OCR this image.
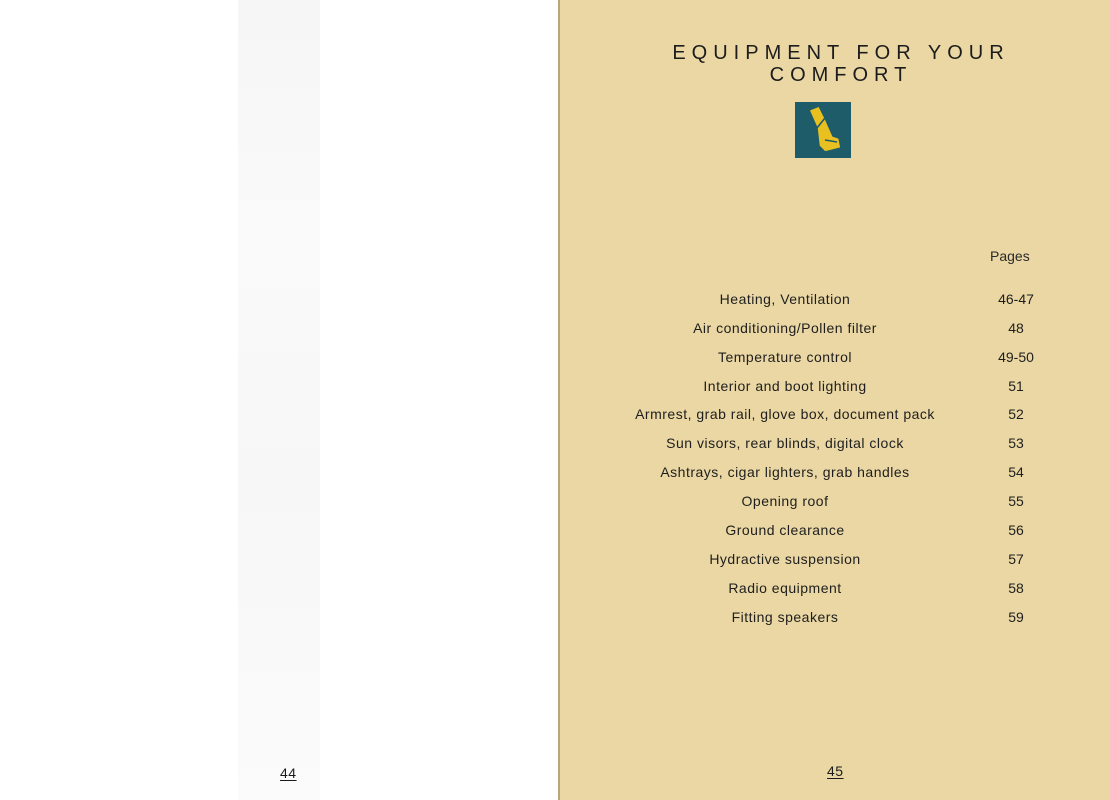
44
EQUIPMENT FOR YOUR
COMFORT
Pages
Heating, Ventilation	46-47
Air conditioning/Pollen filter	48
Temperature control	49-50
Interior and boot lighting	51
Armrest, grab rail, glove box, document pack	52
Sun visors, rear blinds, digital clock	53
Ashtrays, cigar lighters, grab handles	54
Opening roof	55
Ground clearance	56
Hydractive suspension	57
Radio equipment	58
Fitting speakers	59
45
